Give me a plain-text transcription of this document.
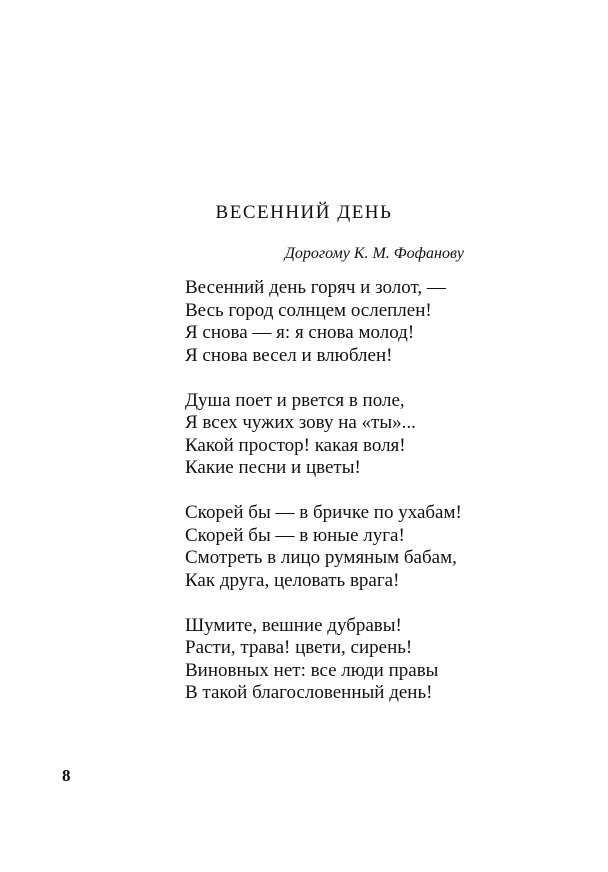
ВЕСЕННИЙ ДЕНЬ

Дорогому К. М. Фофанову

Весенний день горяч и золот, —
Весь город солнцем ослеплен!
Я снова — я: я снова молод!
Я снова весел и влюблен!
Душа поет и рвется в поле,
Я всех чужих зову на «ты»...
Какой простор! какая воля!
Какие песни и цветы!
Скорей бы — в бричке по ухабам!
Скорей бы — в юные луга!
Смотреть в лицо румяным бабам,
Как друга, целовать врага!
Шумите, вешние дубравы!
Расти, трава! цвети, сирень!
Виновных нет: все люди правы
В такой благословенный день!
8
